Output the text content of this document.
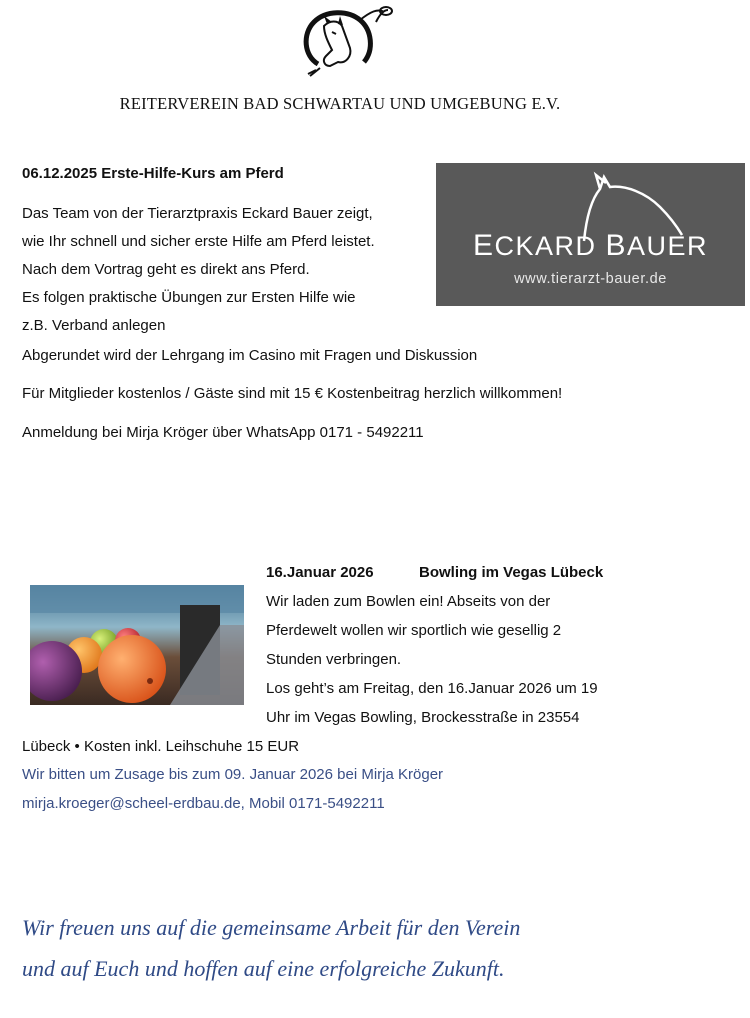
REITERVEREIN BAD SCHWARTAU UND UMGEBUNG E.V.
06.12.2025 Erste-Hilfe-Kurs am Pferd
Das Team von der Tierarztpraxis Eckard Bauer zeigt,
wie Ihr schnell und sicher erste Hilfe am Pferd leistet.
Nach dem Vortrag geht es direkt ans Pferd.
Es folgen praktische Übungen zur Ersten Hilfe wie
z.B. Verband anlegen
Abgerundet wird der Lehrgang im Casino mit Fragen und Diskussion
Für Mitglieder kostenlos / Gäste sind mit 15 € Kostenbeitrag herzlich willkommen!
Anmeldung bei Mirja Kröger über WhatsApp 0171 - 5492211
ECKARD BAUER
www.tierarzt-bauer.de
16.Januar 2026	Bowling im Vegas Lübeck
Wir laden zum Bowlen ein! Abseits von der
Pferdewelt wollen wir sportlich wie gesellig 2
Stunden verbringen.
Los geht’s am Freitag, den 16.Januar 2026 um 19
Uhr im Vegas Bowling, Brockesstraße in 23554
Lübeck • Kosten inkl. Leihschuhe 15 EUR
Wir bitten um Zusage bis zum 09. Januar 2026 bei Mirja Kröger
mirja.kroeger@scheel-erdbau.de, Mobil 0171-5492211
Wir freuen uns auf die gemeinsame Arbeit für den Verein
und auf Euch und hoffen auf eine erfolgreiche Zukunft.
